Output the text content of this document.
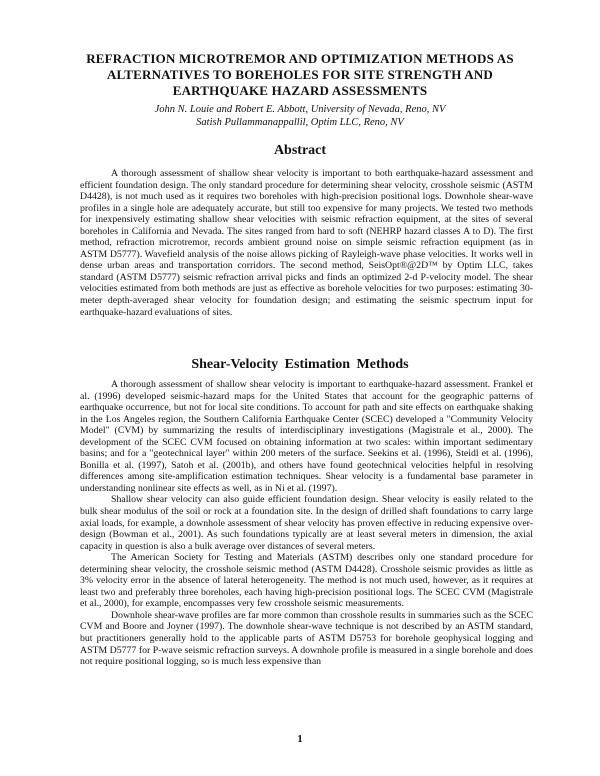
REFRACTION MICROTREMOR AND OPTIMIZATION METHODS AS
ALTERNATIVES TO BOREHOLES FOR SITE STRENGTH AND
EARTHQUAKE HAZARD ASSESSMENTS
John N. Louie and Robert E. Abbott, University of Nevada, Reno, NV
Satish Pullammanappallil, Optim LLC, Reno, NV
Abstract

A thorough assessment of shallow shear velocity is important to both earthquake-hazard assessment and efficient foundation design. The only standard procedure for determining shear velocity, crosshole seismic (ASTM D4428), is not much used as it requires two boreholes with high-precision positional logs. Downhole shear-wave profiles in a single hole are adequately accurate, but still too expensive for many projects. We tested two methods for inexpensively estimating shallow shear velocities with seismic refraction equipment, at the sites of several boreholes in California and Nevada. The sites ranged from hard to soft (NEHRP hazard classes A to D). The first method, refraction microtremor, records ambient ground noise on simple seismic refraction equipment (as in ASTM D5777). Wavefield analysis of the noise allows picking of Rayleigh-wave phase velocities. It works well in dense urban areas and transportation corridors. The second method, SeisOpt®@2D™ by Optim LLC, takes standard (ASTM D5777) seismic refraction arrival picks and finds an optimized 2-d P-velocity model. The shear velocities estimated from both methods are just as effective as borehole velocities for two purposes: estimating 30-meter depth-averaged shear velocity for foundation design; and estimating the seismic spectrum input for earthquake-hazard evaluations of sites.

Shear-Velocity Estimation Methods

A thorough assessment of shallow shear velocity is important to earthquake-hazard assessment. Frankel et al. (1996) developed seismic-hazard maps for the United States that account for the geographic patterns of earthquake occurrence, but not for local site conditions. To account for path and site effects on earthquake shaking in the Los Angeles region, the Southern California Earthquake Center (SCEC) developed a "Community Velocity Model" (CVM) by summarizing the results of interdisciplinary investigations (Magistrale et al., 2000). The development of the SCEC CVM focused on obtaining information at two scales: within important sedimentary basins; and for a "geotechnical layer" within 200 meters of the surface. Seekins et al. (1996), Steidl et al. (1996), Bonilla et al. (1997), Satoh et al. (2001b), and others have found geotechnical velocities helpful in resolving differences among site-amplification estimation techniques. Shear velocity is a fundamental base parameter in understanding nonlinear site effects as well, as in Ni et al. (1997).

Shallow shear velocity can also guide efficient foundation design. Shear velocity is easily related to the bulk shear modulus of the soil or rock at a foundation site. In the design of drilled shaft foundations to carry large axial loads, for example, a downhole assessment of shear velocity has proven effective in reducing expensive over-design (Bowman et al., 2001). As such foundations typically are at least several meters in dimension, the axial capacity in question is also a bulk average over distances of several meters.

The American Society for Testing and Materials (ASTM) describes only one standard procedure for determining shear velocity, the crosshole seismic method (ASTM D4428). Crosshole seismic provides as little as 3% velocity error in the absence of lateral heterogeneity. The method is not much used, however, as it requires at least two and preferably three boreholes, each having high-precision positional logs. The SCEC CVM (Magistrale et al., 2000), for example, encompasses very few crosshole seismic measurements.

Downhole shear-wave profiles are far more common than crosshole results in summaries such as the SCEC CVM and Boore and Joyner (1997). The downhole shear-wave technique is not described by an ASTM standard, but practitioners generally hold to the applicable parts of ASTM D5753 for borehole geophysical logging and ASTM D5777 for P-wave seismic refraction surveys. A downhole profile is measured in a single borehole and does not require positional logging, so is much less expensive than

1
